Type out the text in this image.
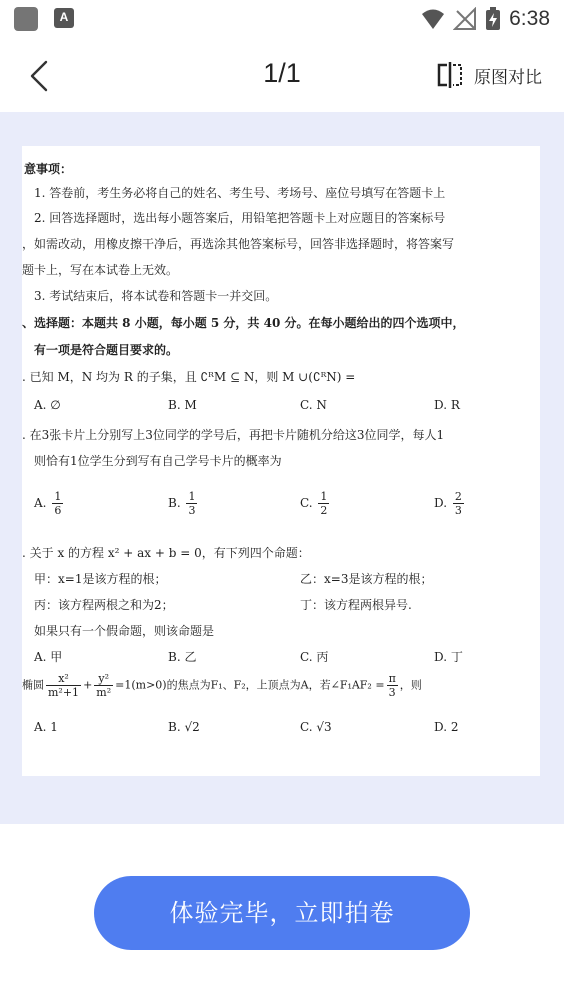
A	6:38
1/1	原图对比
意事项：
1. 答卷前，考生务必将自己的姓名、考生号、考场号、座位号填写在答题卡上
2. 回答选择题时，选出每小题答案后，用铅笔把答题卡上对应题目的答案标号
，如需改动，用橡皮擦干净后，再选涂其他答案标号，回答非选择题时，将答案写
题卡上，写在本试卷上无效。
3. 考试结束后，将本试卷和答题卡一并交回。
、选择题：本题共 8 小题，每小题 5 分，共 40 分。在每小题给出的四个选项中，
有一项是符合题目要求的。
. 已知 M，N 均为 R 的子集，且 ∁ᴿM ⊆ N，则 M ∪(∁ᴿN) =
A. ∅	B. M	C. N	D. R
. 在3张卡片上分别写上3位同学的学号后，再把卡片随机分给这3位同学，每人1
则恰有1位学生分到写有自己学号卡片的概率为
A. $\frac{1}{6}$	B. $\frac{1}{3}$	C. $\frac{1}{2}$	D. $\frac{2}{3}$
. 关于 x 的方程 x² + ax + b = 0，有下列四个命题：
甲：x=1是该方程的根；	乙：x=3是该方程的根；
丙：该方程两根之和为2；	丁：该方程两根异号.
如果只有一个假命题，则该命题是
A. 甲	B. 乙	C. 丙	D. 丁
椭圆 $\frac{\text{x²}}{\text{m²+1}} + \frac{\text{y²}}{\text{m²}} =1(m>0)$的焦点为F₁、F₂，上顶点为A，若∠F₁AF₂ = $\frac{\pi}{3}$ ，则
A. 1	B. √2	C. √3	D. 2
体验完毕，立即拍卷
